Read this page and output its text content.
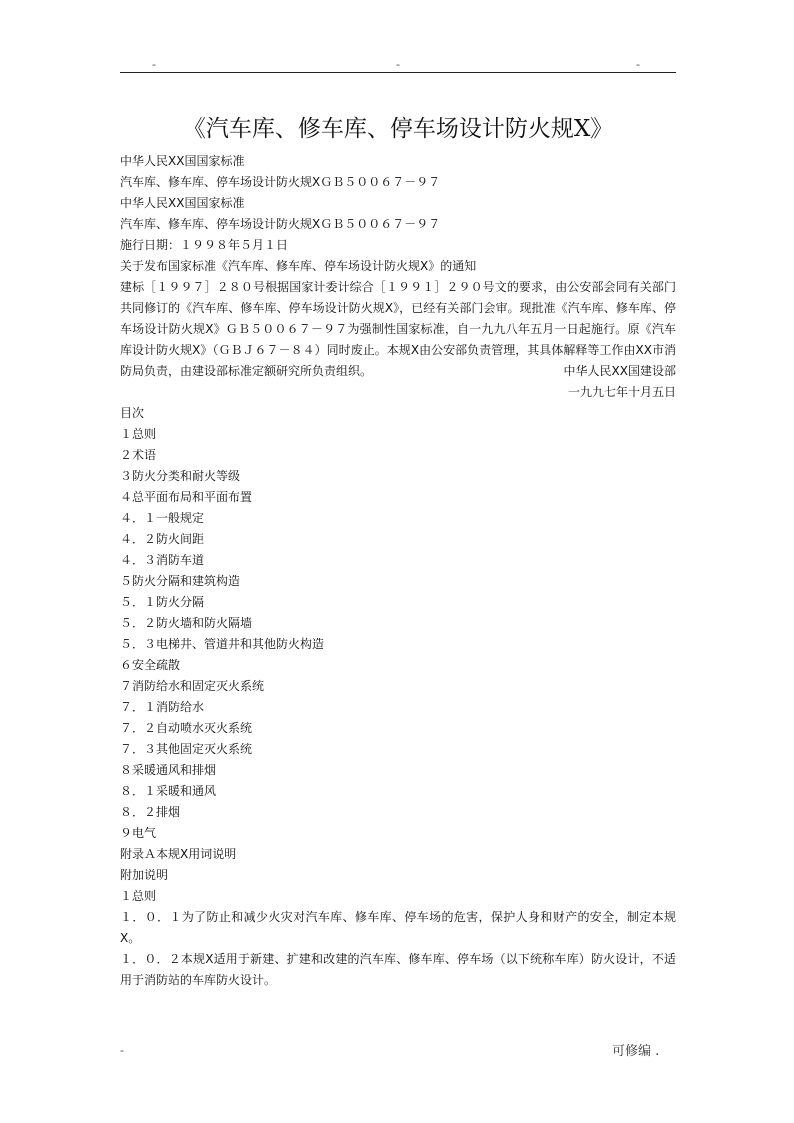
-	-	-
《汽车库、修车库、停车场设计防火规X》
中华人民XX国国家标准
汽车库、修车库、停车场设计防火规XＧＢ５００６７－９７
中华人民XX国国家标准
汽车库、修车库、停车场设计防火规XＧＢ５００６７－９７
施行日期：１９９８年５月１日
关于发布国家标准《汽车库、修车库、停车场设计防火规X》的通知
建标［１９９７］２８０号根据国家计委计综合［１９９１］２９０号文的要求，由公安部会同有关部门共同修订的《汽车库、修车库、停车场设计防火规X》，已经有关部门会审。现批准《汽车库、修车库、停车场设计防火规X》ＧＢ５００６７－９７为强制性国家标准，自一九九八年五月一日起施行。原《汽车库设计防火规X》（ＧＢＪ６７－８４）同时废止。本规X由公安部负责管理，其具体解释等工作由XX市消防局负责，由建设部标准定额研究所负责组织。	中华人民XX国建设部
一九九七年十月五日
目次
１总则
２术语
３防火分类和耐火等级
４总平面布局和平面布置
４．１一般规定
４．２防火间距
４．３消防车道
５防火分隔和建筑构造
５．１防火分隔
５．２防火墙和防火隔墙
５．３电梯井、管道井和其他防火构造
６安全疏散
７消防给水和固定灭火系统
７．１消防给水
７．２自动喷水灭火系统
７．３其他固定灭火系统
８采暖通风和排烟
８．１采暖和通风
８．２排烟
９电气
附录Ａ本规X用词说明
附加说明
１总则
１．０．１为了防止和减少火灾对汽车库、修车库、停车场的危害，保护人身和财产的安全，制定本规X。
１．０．２本规X适用于新建、扩建和改建的汽车库、修车库、停车场（以下统称车库）防火设计，不适用于消防站的车库防火设计。
-	可修编 .
